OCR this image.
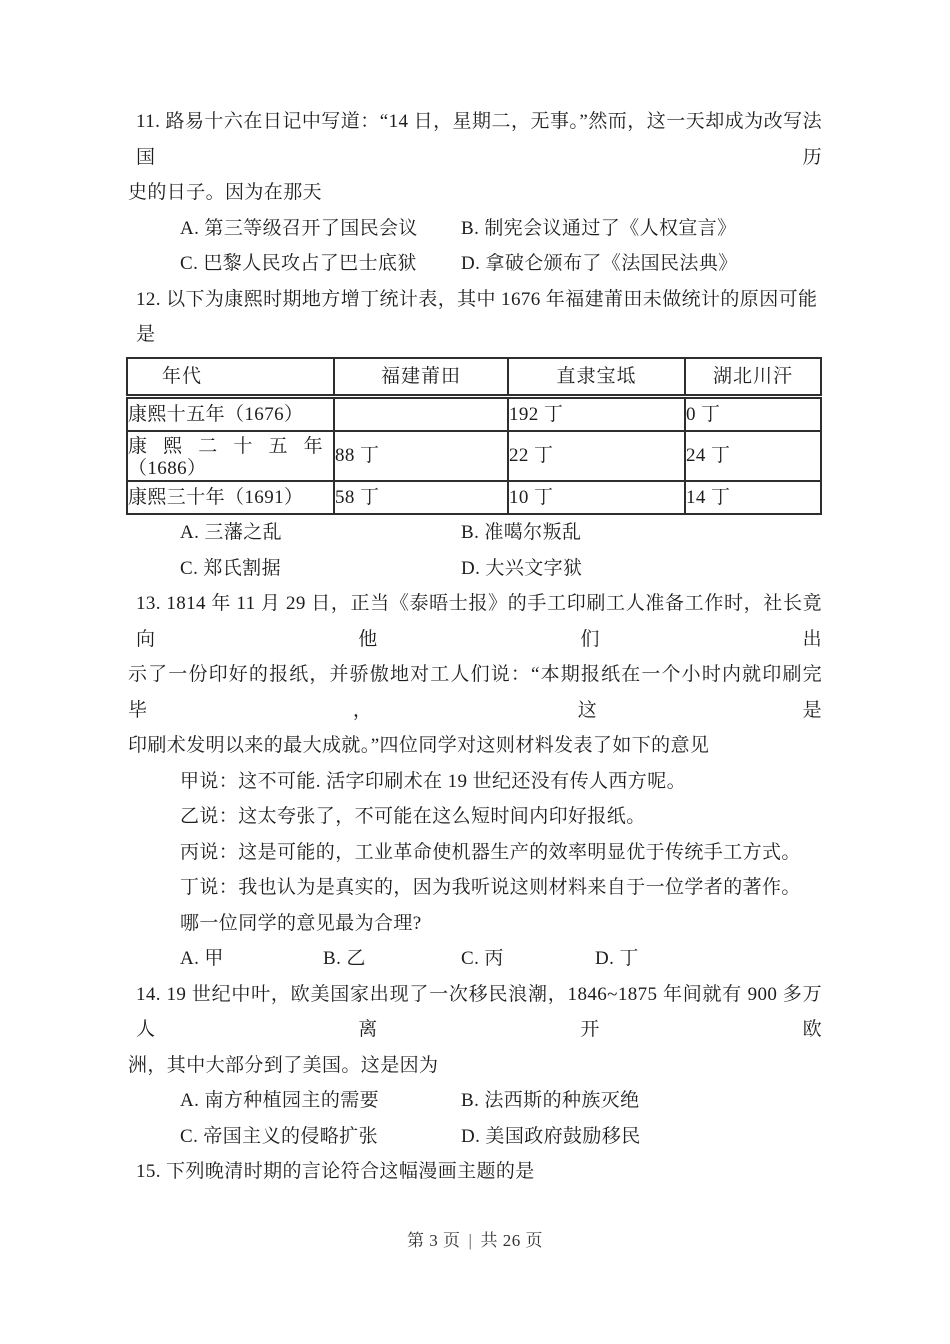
11. 路易十六在日记中写道：“14 日，星期二，无事。”然而，这一天却成为改写法国历
史的日子。因为在那天
A. 第三等级召开了国民会议	B. 制宪会议通过了《人权宣言》
C. 巴黎人民攻占了巴士底狱	D. 拿破仑颁布了《法国民法典》
12. 以下为康熙时期地方增丁统计表，其中 1676 年福建莆田未做统计的原因可能是
年代	福建莆田	直隶宝坻	湖北川汗
康熙十五年（1676）		192 丁	0 丁

康熙二十五年
（1686）	88 丁	22 丁	24 丁
康熙三十年（1691）	58 丁	10 丁	14 丁
A. 三藩之乱	B. 准噶尔叛乱
C. 郑氏割据	D. 大兴文字狱
13. 1814 年 11 月 29 日，正当《泰晤士报》的手工印刷工人准备工作时，社长竟向他们出
示了一份印好的报纸，并骄傲地对工人们说：“本期报纸在一个小时内就印刷完毕，这是
印刷术发明以来的最大成就。”四位同学对这则材料发表了如下的意见
甲说：这不可能. 活字印刷术在 19 世纪还没有传人西方呢。
乙说：这太夸张了，不可能在这么短时间内印好报纸。
丙说：这是可能的，工业革命使机器生产的效率明显优于传统手工方式。
丁说：我也认为是真实的，因为我听说这则材料来自于一位学者的著作。
哪一位同学的意见最为合理?
A. 甲	B. 乙	C. 丙	D. 丁
14. 19 世纪中叶，欧美国家出现了一次移民浪潮，1846~1875 年间就有 900 多万人离开欧
洲，其中大部分到了美国。这是因为
A. 南方种植园主的需要	B. 法西斯的种族灭绝
C. 帝国主义的侵略扩张	D. 美国政府鼓励移民
15. 下列晚清时期的言论符合这幅漫画主题的是
第 3 页 | 共 26 页
